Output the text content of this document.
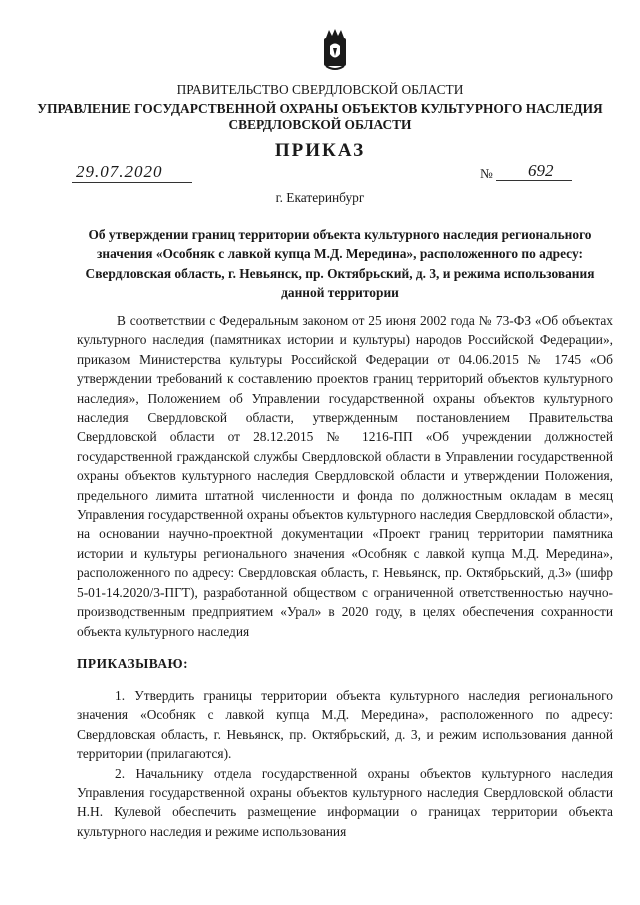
ПРАВИТЕЛЬСТВО СВЕРДЛОВСКОЙ ОБЛАСТИ
УПРАВЛЕНИЕ ГОСУДАРСТВЕННОЙ ОХРАНЫ ОБЪЕКТОВ КУЛЬТУРНОГО НАСЛЕДИЯ
СВЕРДЛОВСКОЙ ОБЛАСТИ
ПРИКАЗ
29.07.2020	№ 692
г. Екатеринбург
Об утверждении границ территории объекта культурного наследия регионального значения «Особняк с лавкой купца М.Д. Мередина», расположенного по адресу: Свердловская область, г. Невьянск, пр. Октябрьский, д. 3, и режима использования данной территории

В соответствии с Федеральным законом от 25 июня 2002 года № 73-ФЗ «Об объектах культурного наследия (памятниках истории и культуры) народов Российской Федерации», приказом Министерства культуры Российской Федерации от 04.06.2015 № 1745 «Об утверждении требований к составлению проектов границ территорий объектов культурного наследия», Положением об Управлении государственной охраны объектов культурного наследия Свердловской области, утвержденным постановлением Правительства Свердловской области от 28.12.2015 № 1216-ПП «Об учреждении должностей государственной гражданской службы Свердловской области в Управлении государственной охраны объектов культурного наследия Свердловской области и утверждении Положения, предельного лимита штатной численности и фонда по должностным окладам в месяц Управления государственной охраны объектов культурного наследия Свердловской области», на основании научно-проектной документации «Проект границ территории памятника истории и культуры регионального значения «Особняк с лавкой купца М.Д. Мередина», расположенного по адресу: Свердловская область, г. Невьянск, пр. Октябрьский, д.3» (шифр 5-01-14.2020/3-ПГТ), разработанной обществом с ограниченной ответственностью научно-производственным предприятием «Урал» в 2020 году, в целях обеспечения сохранности объекта культурного наследия

ПРИКАЗЫВАЮ:

1. Утвердить границы территории объекта культурного наследия регионального значения «Особняк с лавкой купца М.Д. Мередина», расположенного по адресу: Свердловская область, г. Невьянск, пр. Октябрьский, д. 3, и режим использования данной территории (прилагаются).

2. Начальнику отдела государственной охраны объектов культурного наследия Управления государственной охраны объектов культурного наследия Свердловской области Н.Н. Кулевой обеспечить размещение информации о границах территории объекта культурного наследия и режиме использования
